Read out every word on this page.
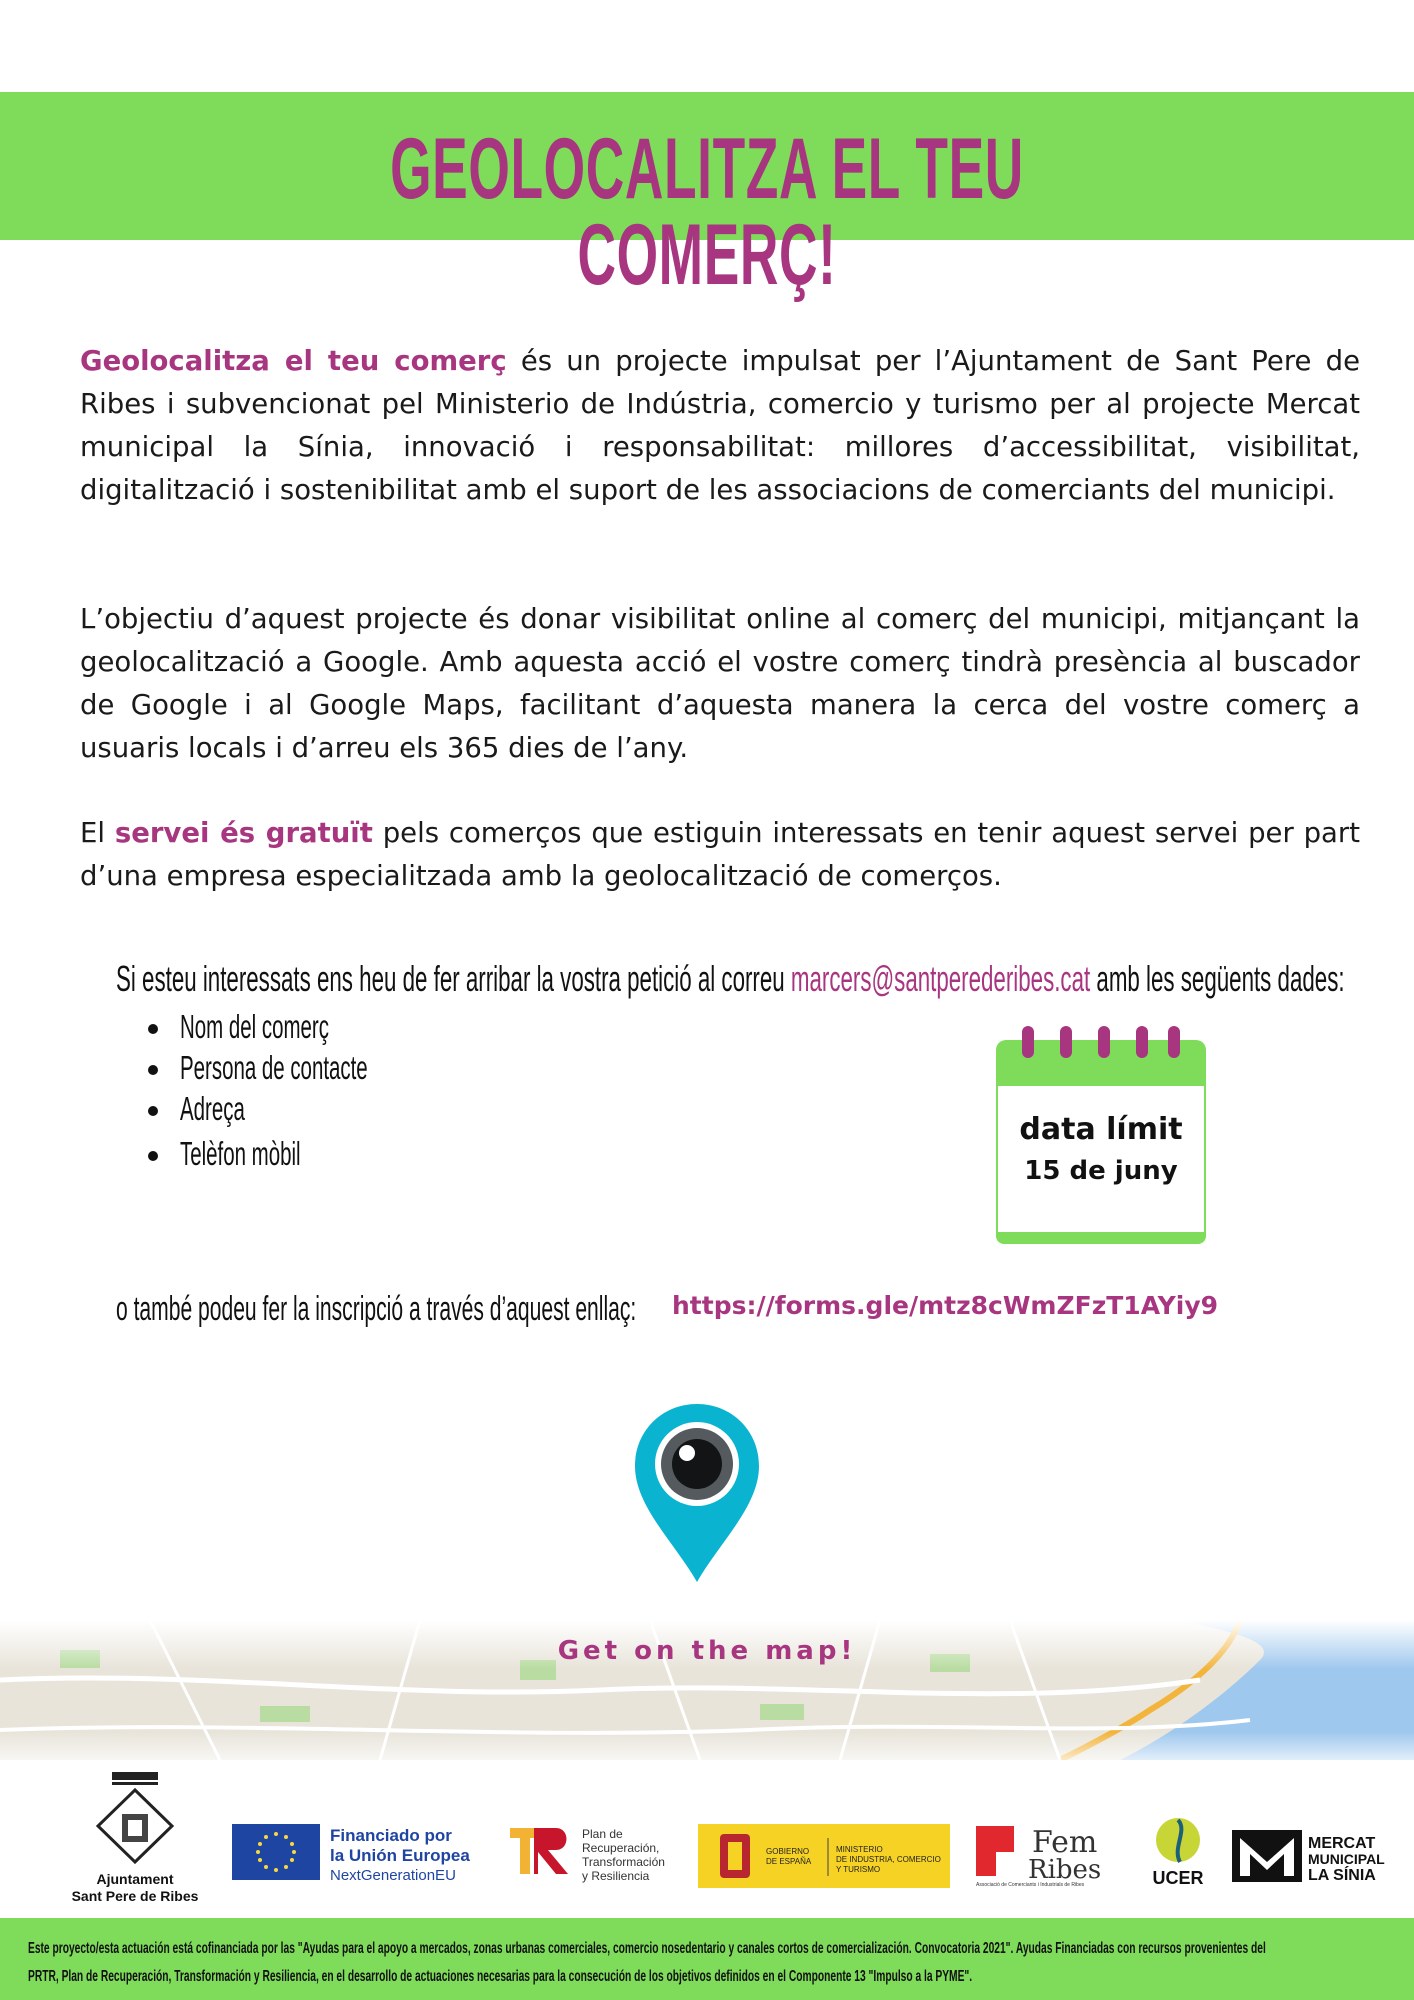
GEOLOCALITZA EL TEU COMERÇ!
Geolocalitza el teu comerç és un projecte impulsat per l’Ajuntament de Sant Pere de Ribes i subvencionat pel Ministerio de Indústria, comercio y turismo per al projecte Mercat municipal la Sínia, innovació i responsabilitat: millores d’accessibilitat, visibilitat, digitalització i sostenibilitat amb el suport de les associacions de comerciants del municipi.
L’objectiu d’aquest projecte és donar visibilitat online al comerç del municipi, mitjançant la geolocalització a Google. Amb aquesta acció el vostre comerç tindrà presència al buscador de Google i al Google Maps, facilitant d’aquesta manera la cerca del vostre comerç a usuaris locals i d’arreu els 365 dies de l’any.
El servei és gratuït pels comerços que estiguin interessats en tenir aquest servei per part d’una empresa especialitzada amb la geolocalització de comerços.
Si esteu interessats ens heu de fer arribar la vostra petició al correu marcers@santperederibes.cat amb les següents dades:
Nom del comerç
Persona de contacte
Adreça
Telèfon mòbil
data límit
15 de juny
o també podeu fer la inscripció a través d’aquest enllaç: https://forms.gle/mtz8cWmZFzT1AYiy9
Get on the map!
Ajuntament
Sant Pere de Ribes
Financiado por
la Unión Europea
NextGenerationEU
Plan de
Recuperación,
Transformación
y Resiliencia
GOBIERNO
DE ESPAÑA
MINISTERIO
DE INDUSTRIA, COMERCIO
Y TURISMO
Fem
Ribes
Associació de Comerciants i Industrials de Ribes	UCER
MERCAT
MUNICIPAL
LA SÍNIA
Este proyecto/esta actuación está cofinanciada por las "Ayudas para el apoyo a mercados, zonas urbanas comerciales, comercio nosedentario y canales cortos de comercialización. Convocatoria 2021". Ayudas Financiadas con recursos provenientes del
PRTR, Plan de Recuperación, Transformación y Resiliencia, en el desarrollo de actuaciones necesarias para la consecución de los objetivos definidos en el Componente 13 "Impulso a la PYME".
